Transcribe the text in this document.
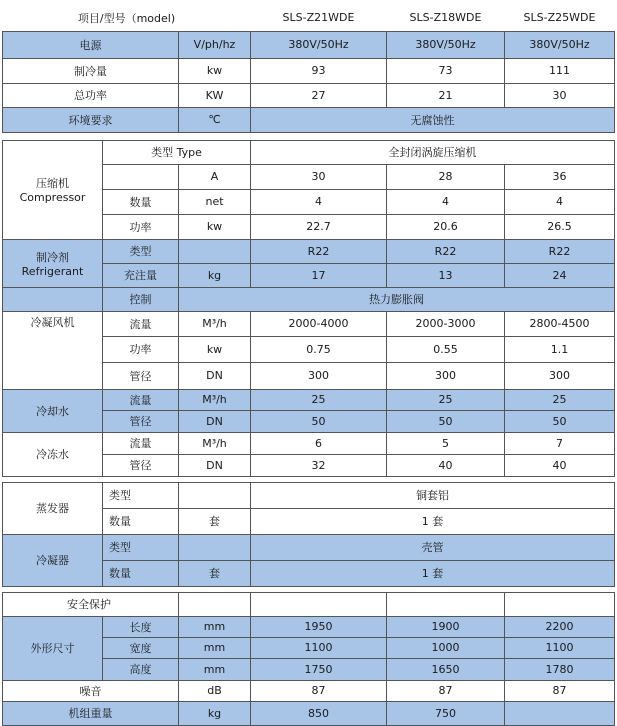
项目/型号（model)			SLS-Z21WDE	SLS-Z18WDE	SLS-Z25WDE
电源		V/ph/hz	380V/50Hz	380V/50Hz	380V/50Hz
制冷量		kw	93	73	111
总功率		KW	27	21	30
环境要求		℃	无腐蚀性		

压缩机
Compressor	类型 Type		全封闭涡旋压缩机		
		A	30	28	36
	数量	net	4	4	4
	功率	kw	22.7	20.6	26.5

制冷剂
Refrigerant	类型		R22	R22	R22
	充注量	kg	17	13	24
	控制	热力膨胀阀			
冷凝风机	流量	M³/h	2000-4000	2000-3000	2800-4500
	功率	kw	0.75	0.55	1.1
	管径	DN	300	300	300
冷却水	流量	M³/h	25	25	25
	管径	DN	50	50	50
冷冻水	流量	M³/h	6	5	7
	管径	DN	32	40	40

蒸发器	类型		铜套铝		
	数量	套	1 套		
冷凝器	类型		壳管		
	数量	套	1 套		

安全保护					
外形尺寸	长度	mm	1950	1900	2200
	宽度	mm	1100	1000	1100
	高度	mm	1750	1650	1780
噪音		dB	87	87	87
机组重量		kg	850	750	
